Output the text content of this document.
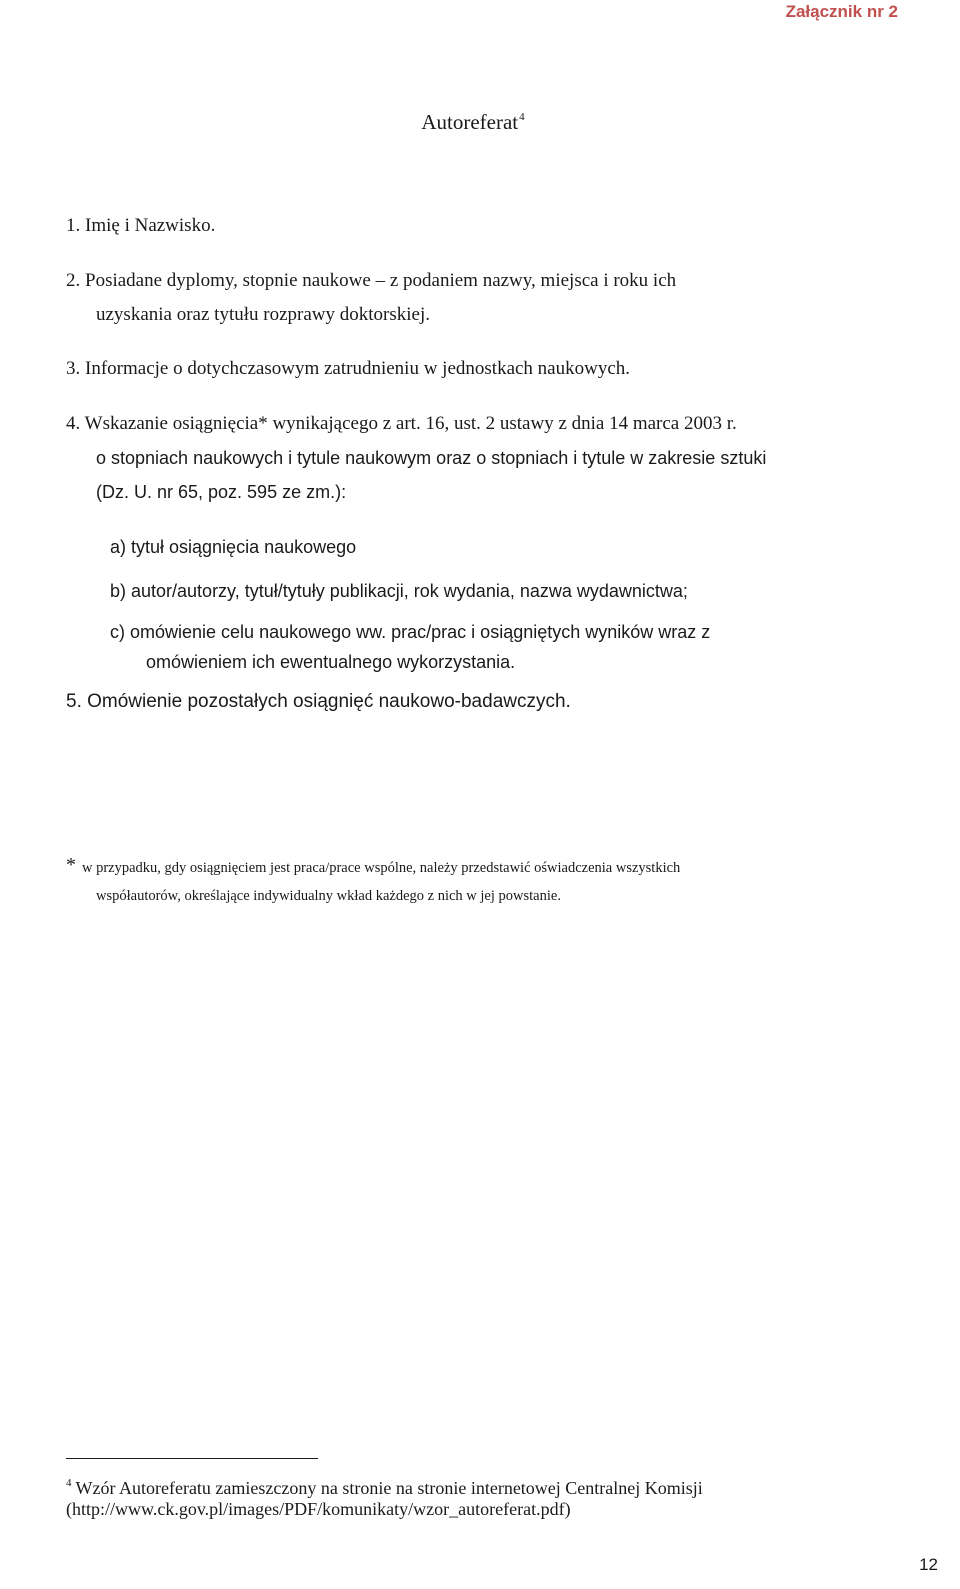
Załącznik nr 2
Autoreferat$^4$
1. Imię i Nazwisko.
2. Posiadane dyplomy, stopnie naukowe – z podaniem nazwy, miejsca i roku ich
uzyskania oraz tytułu rozprawy doktorskiej.
3. Informacje o dotychczasowym zatrudnieniu w jednostkach naukowych.
4. Wskazanie osiągnięcia* wynikającego z art. 16, ust. 2 ustawy z dnia 14 marca 2003 r.
o stopniach naukowych i tytule naukowym oraz o stopniach i tytule w zakresie sztuki
(Dz. U. nr 65, poz. 595 ze zm.):
a) tytuł osiągnięcia naukowego
b) autor/autorzy, tytuł/tytuły publikacji, rok wydania, nazwa wydawnictwa;
c) omówienie celu naukowego ww. prac/prac i osiągniętych wyników wraz z
omówieniem ich ewentualnego wykorzystania.
5. Omówienie pozostałych osiągnięć naukowo-badawczych.
* w przypadku, gdy osiągnięciem jest praca/prace wspólne, należy przedstawić oświadczenia wszystkich
współautorów, określające indywidualny wkład każdego z nich w jej powstanie.
$^4$ Wzór Autoreferatu zamieszczony na stronie na stronie internetowej Centralnej Komisji
(http://www.ck.gov.pl/images/PDF/komunikaty/wzor_autoreferat.pdf)
12
